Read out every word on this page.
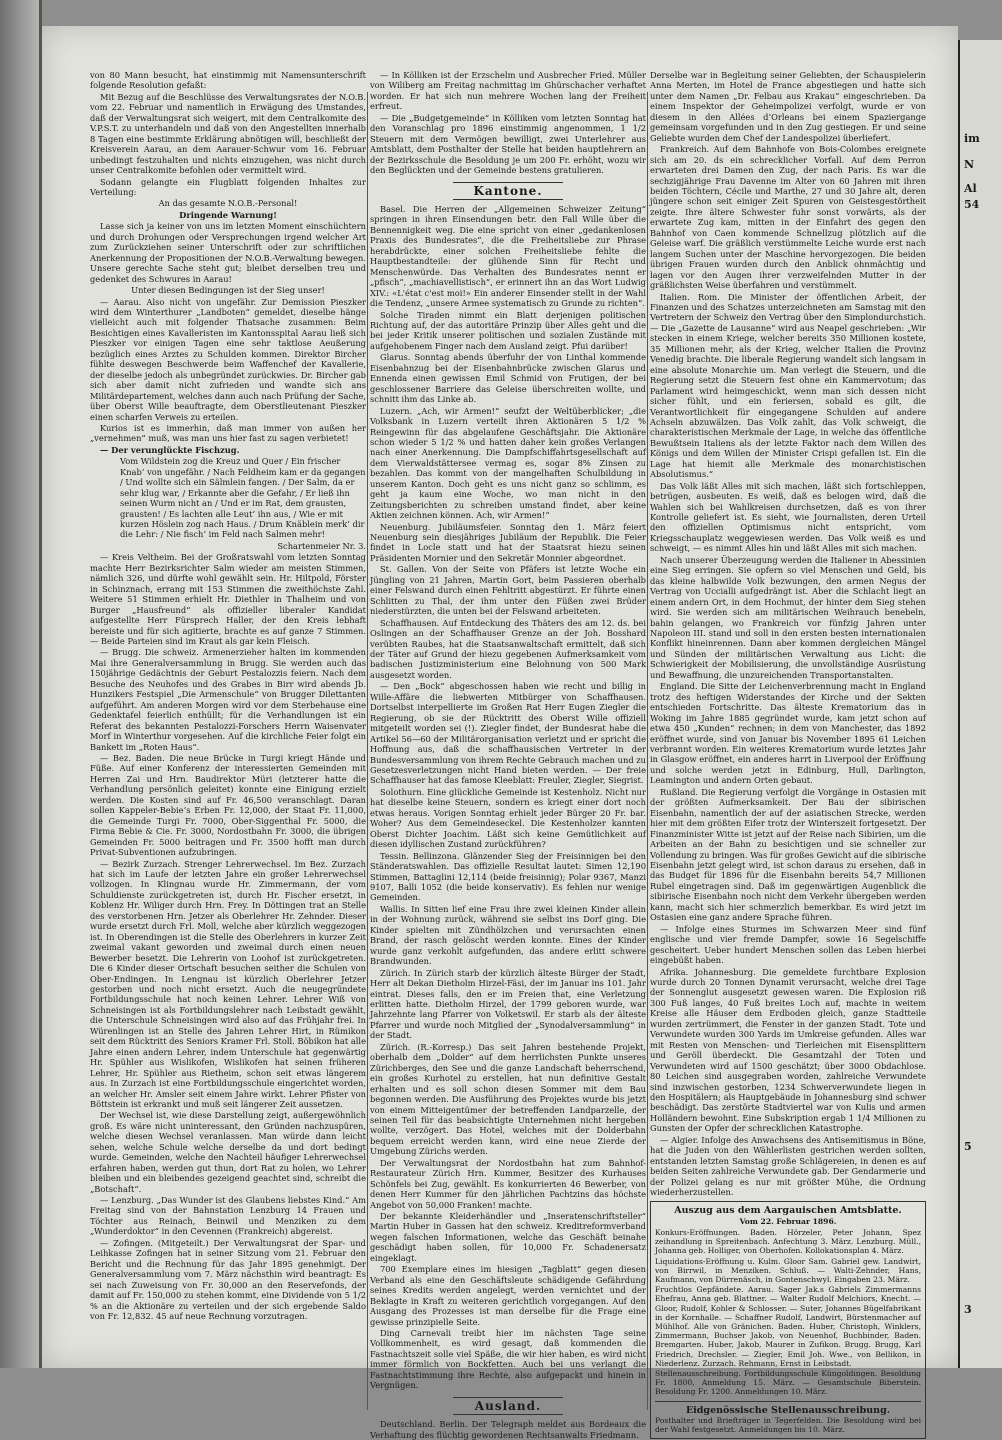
von 80 Mann besucht, hat einstimmig mit Namensunterschrift folgende Resolution gefaßt:

Mit Bezug auf die Beschlüsse des Verwaltungsrates der N.O.B. vom 22. Februar und namentlich in Erwägung des Umstandes, daß der Verwaltungsrat sich weigert, mit dem Centralkomite des V.P.S.T. zu unterhandeln und daß von den Angestellten innerhalb 8 Tagen eine bestimmte Erklärung abnötigen will, beschließt der Kreisverein Aarau, an dem Aarauer-Schwur vom 16. Februar unbedingt festzuhalten und nichts einzugehen, was nicht durch unser Centralkomite befohlen oder vermittelt wird.

Sodann gelangte ein Flugblatt folgenden Inhaltes zur Verteilung:

An das gesamte N.O.B.-Personal!

Dringende Warnung!

Lasse sich ja keiner von uns im letzten Moment einschüchtern und durch Drohungen oder Versprechungen irgend welcher Art zum Zurückziehen seiner Unterschrift oder zur schriftlichen Anerkennung der Propositionen der N.O.B.-Verwaltung bewegen. Unsere gerechte Sache steht gut; bleibet derselben treu und gedenket des Schwures in Aarau!

Unter diesen Bedingungen ist der Sieg unser!

— Aarau. Also nicht von ungefähr. Zur Demission Pieszker wird dem Winterthurer „Landboten“ gemeldet, dieselbe hänge vielleicht auch mit folgender Thatsache zusammen: Beim Besichtigen eines Kavalleristen im Kantonsspital Aarau ließ sich Pieszker vor einigen Tagen eine sehr taktlose Aeußerung bezüglich eines Arztes zu Schulden kommen. Direktor Bircher fühlte deswegen Beschwerde beim Waffenchef der Kavallerie, der dieselbe jedoch als unbegründet zurückwies. Dr. Bircher gab sich aber damit nicht zufrieden und wandte sich ans Militärdepartement, welches dann auch nach Prüfung der Sache, über Oberst Wille beauftragte, dem Oberstlieutenant Pieszker einen scharfen Verweis zu erteilen.

Kurios ist es immerhin, daß man immer von außen her „vernehmen“ muß, was man uns hier fast zu sagen verbietet!

— Der verunglückte Fischzug.

Vom Wildstein zog die Kreuz und Quer / Ein frischer Knab’ von ungefähr. / Nach Feldheim kam er da gegangen / Und wollte sich ein Sälmlein fangen. / Der Salm, da er sehr klug war, / Erkannte aber die Gefahr, / Er ließ ihn seinen Wurm nicht an / Und er im Rat, dem grausten, grausten! / Es lachten alle Leut’ ihn aus, / Wie er mit kurzen Höslein zog nach Haus. / Drum Knäblein merk’ dir die Lehr: / Nie fisch’ im Feld nach Salmen mehr!

Schartenmeier Nr. 3.

— Kreis Veltheim. Bei der Großratswahl vom letzten Sonntag machte Herr Bezirksrichter Salm wieder am meisten Stimmen, nämlich 326, und dürfte wohl gewählt sein. Hr. Hiltpold, Förster in Schinznach, errang mit 153 Stimmen die zweithöchste Zahl. Weitere 51 Stimmen erhielt Hr. Diethler in Thalheim und von Burger „Hausfreund“ als offizieller liberaler Kandidat aufgestellte Herr Fürsprech Haller, der den Kreis lebhaft bereiste und für sich agitierte, brachte es auf ganze 7 Stimmen. — Beide Parteien sind im Kraut als gar kein Fleisch.

— Brugg. Die schweiz. Armenerzieher halten im kommenden Mai ihre Generalversammlung in Brugg. Sie werden auch das 150jährige Gedächtnis der Geburt Pestalozzis feiern. Nach dem Besuche des Neuhofes und des Grabes in Birr wird abends Jb. Hunzikers Festspiel „Die Armenschule“ von Brugger Dilettanten aufgeführt. Am anderen Morgen wird vor dem Sterbehause eine Gedenktafel feierlich enthüllt; für die Verhandlungen ist ein Referat des bekannten Pestalozzi-Forschers Herrn Waisenvater Morf in Winterthur vorgesehen. Auf die kirchliche Feier folgt ein Bankett im „Roten Haus“.

— Bez. Baden. Die neue Brücke in Turgi kriegt Hände und Füße. Auf einer Konferenz der interessierten Gemeinden mit Herren Zai und Hrn. Baudirektor Müri (letzterer hatte die Verhandlung persönlich geleitet) konnte eine Einigung erzielt werden. Die Kosten sind auf Fr. 46,500 veranschlagt. Daran sollen Kappeler-Bebie’s Erben Fr. 12,000, der Staat Fr. 11,000, die Gemeinde Turgi Fr. 7000, Ober-Siggenthal Fr. 5000, die Firma Bebie & Cie. Fr. 3000, Nordostbahn Fr. 3000, die übrigen Gemeinden Fr. 5000 beitragen und Fr. 3500 hofft man durch Privat-Subventionen aufzubringen.

— Bezirk Zurzach. Strenger Lehrerwechsel. Im Bez. Zurzach hat sich im Laufe der letzten Jahre ein großer Lehrerwechsel vollzogen. In Klingnau wurde Hr. Zimmermann, der vom Schuldienste zurückgetreten ist, durch Hr. Fischer ersetzt, in Koblenz Hr. Wiliger durch Hrn. Frey. In Döttingen trat an Stelle des verstorbenen Hrn. Jetzer als Oberlehrer Hr. Zehnder. Dieser wurde ersetzt durch Frl. Moll, welche aber kürzlich weggezogen ist. In Oberendingen ist die Stelle des Oberlehrers in kurzer Zeit zweimal vakant geworden und zweimal durch einen neuen Bewerber besetzt. Die Lehrerin von Loohof ist zurückgetreten. Die 6 Kinder dieser Ortschaft besuchen seither die Schulen von Ober-Endingen. In Lengnau ist kürzlich Oberlehrer Jetzer gestorben und noch nicht ersetzt. Auch die neugegründete Fortbildungsschule hat noch keinen Lehrer. Lehrer Wiß von Schneisingen ist als Fortbildungslehrer nach Leibstadt gewählt, die Unterschule Schneisingen wird also auf das Frühjahr frei. In Würenlingen ist an Stelle des Jahren Lehrer Hirt, in Rümikon seit dem Rücktritt des Seniors Kramer Frl. Stoll. Böbikon hat alle Jahre einen andern Lehrer, indem Unterschule hat gegenwärtig Hr. Spühler aus Wislikofen, Wislikofen hat seinen früheren Lehrer, Hr. Spühler aus Rietheim, schon seit etwas längerem aus. In Zurzach ist eine Fortbildungsschule eingerichtet worden, an welcher Hr. Amsler seit einem Jahre wirkt. Lehrer Pfister von Böttstein ist erkrankt und muß seit längerer Zeit aussetzen.

Der Wechsel ist, wie diese Darstellung zeigt, außergewöhnlich groß. Es wäre nicht uninteressant, den Gründen nachzuspüren, welche diesen Wechsel veranlassen. Man würde dann leicht sehen, welche Schule welche derselbe da und dort bedingt wurde. Gemeinden, welche den Nachteil häufiger Lehrerwechsel erfahren haben, werden gut thun, dort Rat zu holen, wo Lehrer bleiben und ein bleibendes gezeigend geachtet sind, schreibt die „Botschaft“.

— Lenzburg. „Das Wunder ist des Glaubens liebstes Kind.“ Am Freitag sind von der Bahnstation Lenzburg 14 Frauen und Töchter aus Reinach, Beinwil und Menziken zu dem „Wunderdoktor“ in den Cevennen (Frankreich) abgereist.

— Zofingen. (Mitgeteilt.) Der Verwaltungsrat der Spar- und Leihkasse Zofingen hat in seiner Sitzung vom 21. Februar den Bericht und die Rechnung für das Jahr 1895 genehmigt. Der Generalversammlung vom 7. März nächsthin wird beantragt: Es sei nach Zuweisung von Fr. 30,000 an den Reservefonds, der damit auf Fr. 150,000 zu stehen kommt, eine Dividende von 5 1/2 % an die Aktionäre zu verteilen und der sich ergebende Saldo von Fr. 12,832. 45 auf neue Rechnung vorzutragen.

— In Kölliken ist der Erzschelm und Ausbrecher Fried. Müller von Wiliberg am Freitag nachmittag im Ghürschacher verhaftet worden. Er hat sich nun mehrere Wochen lang der Freiheit erfreut.

— Die „Budgetgemeinde“ in Kölliken vom letzten Sonntag hat den Voranschlag pro 1896 einstimmig angenommen, 1 1/2 Steuern mit dem Vermögen bewilligt, zwei Unterlehrer aus Amtsblatt, dem Posthalter der Stelle hat beiden hauptlehrern an der Bezirksschule die Besoldung je um 200 Fr. erhöht, wozu wir den Beglückten und der Gemeinde bestens gratulieren.

Kantone.

Basel. Die Herren der „Allgemeinen Schweizer Zeitung“ springen in ihren Einsendungen betr. den Fall Wille über die Bennennigkeit weg. Die eine spricht von einer „gedankenlosen Praxis des Bundesrates“, die die Freiheitsliebe zur Phrase herabdrückte, einer solchen Freiheitsliebe fehlte die Hauptbestandteile: der glühende Sinn für Recht und Menschenwürde. Das Verhalten des Bundesrates nennt er „pfisch“, „machiavellistisch“, er erinnert ihn an das Wort Ludwig XIV.: «L'état c'est moi!» Ein anderer Einsender stellt in der Wahl die Tendenz, „unsere Armee systematisch zu Grunde zu richten“.

Solche Tiraden nimmt ein Blatt derjenigen politischen Richtung auf, der das autoritäre Prinzip über Alles geht und die bei jeder Kritik unserer politischen und sozialen Zustände mit aufgehobenem Finger nach dem Ausland zeigt. Pfui darüber!

Glarus. Sonntag abends überfuhr der von Linthal kommende Eisenbahnzug bei der Eisenbahnbrücke zwischen Glarus und Ennenda einen gewissen Emil Schmid von Frutigen, der bei geschlossener Barriere das Geleise überschreiten wollte, und schnitt ihm das Linke ab.

Luzern. „Ach, wir Armen!“ seufzt der Weltüberblicker; „die Volksbank in Luzern verteilt ihren Aktionären 5 1/2 % Reingewinn für das abgelaufene Geschäftsjahr. Die Aktionäre schon wieder 5 1/2 % und hatten daher kein großes Verlangen nach einer Anerkennung. Die Dampfschiffahrtsgesellschaft auf dem Vierwaldstättersee vermag es, sogar 8% Zinsen zu bezahlen. Das kommt von der mangelhaften Schulbildung in unserem Kanton. Doch geht es uns nicht ganz so schlimm, es geht ja kaum eine Woche, wo man nicht in den Zeitungsberichten zu schreiben umstand findet, aber keine Aktien zeichnen können. Ach, wir Armen!“

Neuenburg. Jubiläumsfeier. Sonntag den 1. März feiert Neuenburg sein diesjähriges Jubiläum der Republik. Die Feier findet in Locle statt und hat der Staatsrat hiezu seinen Präsidenten Mornier und den Sekretär Monnier abgeordnet.

St. Gallen. Von der Seite von Pfäfers ist letzte Woche ein Jüngling von 21 Jahren, Martin Gort, beim Passieren oberhalb einer Felswand durch einen Fehltritt abgestürzt. Er führte einen Schlitten zu Thal, der ihm unter den Füßen zwei Brüder niederstürzten, die unten bei der Felswand arbeiteten.

Schaffhausen. Auf Entdeckung des Thäters des am 12. ds. bei Oslingen an der Schaffhauser Grenze an der Joh. Bosshard verübten Raubes, hat die Staatsanwaltschaft ermittelt, daß sich der Täter auf Grund der hiezu gegebenen Aufmerksamkeit vom badischen Justizministerium eine Belohnung von 500 Mark ausgesetzt worden.

— Den „Bock“ abgeschossen haben wie recht und billig in Wille-Affäre die liebwerten Mitbürger von Schaffhausen. Dortselbst interpellierte im Großen Rat Herr Eugen Ziegler die Regierung, ob sie der Rücktritt des Oberst Wille offiziell mitgeteilt worden sei (!). Ziegler findet, der Bundesrat habe die Artikel 56—60 der Militärorganisation verletzt und er spricht die Hoffnung aus, daß die schaffhausischen Vertreter in der Bundesversammlung von ihrem Rechte Gebrauch machen und zu Gesetzesverletzungen nicht Hand bieten werden. — Der freie Schaffhauser hat das famose Kleeblatt: Freuler, Ziegler, Siegrist.

Solothurn. Eine glückliche Gemeinde ist Kestenholz. Nicht nur hat dieselbe keine Steuern, sondern es kriegt einer dort noch etwas heraus. Vorigen Sonntag erhielt jeder Bürger 20 Fr. bar. Woher? Aus dem Gemeindeseckel. Die Kestenholzer kannten Oberst Dichter Joachim. Läßt sich keine Gemütlichkeit auf diesen idyllischen Zustand zurückführen?

Tessin. Bellinzona. Glänzender Sieg der Freisinnigen bei den Ständeratswahlen. Das offizielle Resultat lautet: Simen 12,190 Stimmen, Battaglini 12,114 (beide freisinnig); Polar 9367, Manzi 9107, Balli 1052 (die beide konservativ). Es fehlen nur wenige Gemeinden.

Wallis. In Sitten lief eine Frau ihre zwei kleinen Kinder allein in der Wohnung zurück, während sie selbst ins Dorf ging. Die Kinder spielten mit Zündhölzchen und verursachten einen Brand, der rasch gelöscht werden konnte. Eines der Kinder wurde ganz verkohlt aufgefunden, das andere erlitt schwere Brandwunden.

Zürich. In Zürich starb der kürzlich älteste Bürger der Stadt, Herr alt Dekan Dietholm Hirzel-Fäsi, der im Januar ins 101. Jahr eintrat. Dieses falls, den er im Freien that, eine Verletzung erlitten hatte. Dietholm Hirzel, der 1799 geboren wurde, war Jahrzehnte lang Pfarrer von Volketswil. Er starb als der älteste Pfarrer und wurde noch Mitglied der „Synodalversammlung“ in der Stadt.

Zürich. (R.-Korresp.) Das seit Jahren bestehende Projekt, oberhalb dem „Dolder“ auf dem herrlichsten Punkte unseres Zürichberges, den See und die ganze Landschaft beherrschend, ein großes Kurhotel zu erstellen, hat nun definitive Gestalt erhalten und es soll schon diesen Sommer mit dem Bau begonnen werden. Die Ausführung des Projektes wurde bis jetzt von einem Mitteigentümer der betreffenden Landparzelle, der seinen Teil für das beabsichtigte Unternehmen nicht hergeben wollte, verzögert. Das Hotel, welches mit der Dolderbahn bequem erreicht werden kann, wird eine neue Zierde der Umgebung Zürichs werden.

Der Verwaltungsrat der Nordostbahn hat zum Bahnhof-Restaurateur Zürich Hrn. Kummer, Besitzer des Kurhauses Schönfels bei Zug, gewählt. Es konkurrierten 46 Bewerber, von denen Herr Kummer für den jährlichen Pachtzins das höchste Angebot von 50,000 Franken! machte.

Der bekannte Kleiderhändler und „Inseratenschriftsteller“ Martin Huber in Gassen hat den schweiz. Kreditreformverband wegen falschen Informationen, welche das Geschäft beinahe geschädigt haben sollen, für 10,000 Fr. Schadenersatz eingeklagt.

700 Exemplare eines im hiesigen „Tagblatt“ gegen diesen Verband als eine den Geschäftsleute schädigende Gefährdung seines Kredits werden angelegt, werden vernichtet und der Beklagte in Kraft zu weiteren gerichtlich vorgegangen. Auf den Ausgang des Prozesses ist man derselbe für die Frage eine gewisse prinzipielle Seite.

Ding Carnevali treibt hier im nächsten Tage seine Vollkommenheit, es wird gesagt, daß kommenden die Fastnachtszeit solle viel Späße, die wir hier haben, es wird nicht immer förmlich von Bockfetten. Auch bei uns verlangt die Fastnachtstimmung ihre Rechte, also aufgepackt und hinein in Vergnügen.

Ausland.

Deutschland. Berlin. Der Telegraph meldet aus Bordeaux die Verhaftung des flüchtig gewordenen Rechtsanwalts Friedmann.

Derselbe war in Begleitung seiner Geliebten, der Schauspielerin Anna Merten, im Hotel de France abgestiegen und hatte sich unter dem Namen „Dr. Felbau aus Krakau“ eingeschrieben. Da einem Inspektor der Geheimpolizei verfolgt, wurde er von diesem in den Allées d’Orleans bei einem Spaziergange gemeinsam vorgefunden und in den Zug gestiegen. Er und seine Geliebte wurden dem Chef der Landespolizei überliefert.

Frankreich. Auf dem Bahnhofe von Bois-Colombes ereignete sich am 20. ds ein schrecklicher Vorfall. Auf dem Perron erwarteten drei Damen den Zug, der nach Paris. Es war die sechzigjährige Frau Davenne im Alter von 60 Jahren mit ihren beiden Töchtern, Cécile und Marthe, 27 und 30 Jahre alt, deren jüngere schon seit einiger Zeit Spuren von Geistesgestörtheit zeigte. Ihre ältere Schwester fuhr sonst vorwärts, als der erwartete Zug kam, mitten in der Einfahrt des gegen den Bahnhof von Caen kommende Schnellzug plötzlich auf die Geleise warf. Die gräßlich verstümmelte Leiche wurde erst nach langem Suchen unter der Maschine hervorgezogen. Die beiden übrigen Frauen wurden durch den Anblick ohnmächtig und lagen vor den Augen ihrer verzweifelnden Mutter in der gräßlichsten Weise überfahren und verstümmelt.

Italien. Rom. Die Minister der öffentlichen Arbeit, der Finanzen und des Schatzes unterzeichneten am Samstag mit den Vertretern der Schweiz den Vertrag über den Simplondurchstich. — Die „Gazette de Lausanne“ wird aus Neapel geschrieben: „Wir stecken in einem Kriege, welcher bereits 350 Millionen kostete, 35 Millionen mehr, als der Krieg, welcher Italien die Provinz Venedig brachte. Die liberale Regierung wandelt sich langsam in eine absolute Monarchie um. Man verlegt die Steuern, und die Regierung setzt die Steuern fest ohne ein Kammervotum; das Parlament wird heimgeschickt, wenn man sich dessen nicht sicher fühlt, und ein feriersen, sobald es gilt, die Verantwortlichkeit für eingegangene Schulden auf andere Achseln abzuwälzen. Das Volk zahlt, das Volk schweigt, die charakteristischen Merkmale der Lage, in welche das öffentliche Bewußtsein Italiens als der letzte Faktor nach dem Willen des Königs und dem Willen der Minister Crispi gefallen ist. Ein die Lage hat hiemit alle Merkmale des monarchistischen Absolutismus.“

Das Volk läßt Alles mit sich machen, läßt sich fortschleppen, betrügen, ausbeuten. Es weiß, daß es belogen wird, daß die Wahlen sich bei Wahlkreisen durchsetzen, daß es von ihrer Kontrolle geliefert ist. Es sieht, wie Journalisten, deren Urteil den offiziellen Optimismus nicht entspricht, vom Kriegsschauplatz weggewiesen werden. Das Volk weiß es und schweigt, — es nimmt Alles hin und läßt Alles mit sich machen.

Nach unserer Überzeugung werden die Italiener in Abessinien eine Sieg erringen. Sie opfern so viel Menschen und Geld, bis das kleine halbwilde Volk bezwungen, den armen Negus der Vertrag von Uccialli aufgedrängt ist. Aber die Schlacht liegt an einem andern Ort, in dem Hochmut, der hinter dem Sieg stehen wird. Sie werden sich am militärischen Weihrauch benebeln, bahin gelangen, wo Frankreich vor fünfzig Jahren unter Napoleon III. stand und soll in den ersten besten internationalen Konflikt hineinrennen. Dann aber kommen dergleichen Mängel und Sünden der militärischen Verwaltung aus Licht: die Schwierigkeit der Mobilisierung, die unvollständige Ausrüstung und Bewaffnung, die unzureichenden Transportanstalten.

England. Die Sitte der Leichenverbrennung macht in England trotz des heftigen Widerstandes der Kirche und der Sekten entschieden Fortschritte. Das älteste Krematorium das in Woking im Jahre 1885 gegründet wurde, kam jetzt schon auf etwa 450 „Kunden“ rechnen; in dem von Manchester, das 1892 eröffnet wurde, sind von Januar bis November 1895 61 Leichen verbrannt worden. Ein weiteres Krematorium wurde letztes Jahr in Glasgow eröffnet, ein anderes harrt in Liverpool der Eröffnung und solche werden jetzt in Edinburg, Hull, Darlington, Leamington und andern Orten gebaut.

Rußland. Die Regierung verfolgt die Vorgänge in Ostasien mit der größten Aufmerksamkeit. Der Bau der sibirischen Eisenbahn, namentlich der auf der asiatischen Strecke, werden hier mit dem größten Eifer trotz der Winterszeit fortgesetzt. Der Finanzminister Witte ist jetzt auf der Reise nach Sibirien, um die Arbeiten an der Bahn zu besichtigen und sie schneller zur Vollendung zu bringen. Was für großes Gewicht auf die sibirische Eisenbahn jetzt gelegt wird, ist schon daraus zu ersehen, daß in das Budget für 1896 für die Eisenbahn bereits 54,7 Millionen Rubel eingetragen sind. Daß im gegenwärtigen Augenblick die sibirische Eisenbahn noch nicht dem Verkehr übergeben werden kann, macht sich hier schmerzlich bemerkbar. Es wird jetzt im Ostasien eine ganz andere Sprache führen.

— Infolge eines Sturmes im Schwarzen Meer sind fünf englische und vier fremde Dampfer, sowie 16 Segelschiffe gescheitert. Ueber hundert Menschen sollen das Leben hierbei eingebüßt haben.

Afrika. Johannesburg. Die gemeldete furchtbare Explosion wurde durch 20 Tonnen Dynamit verursacht, welche drei Tage der Sonnenglut ausgesetzt gewesen waren. Die Explosion riß 300 Fuß langes, 40 Fuß breites Loch auf, machte in weitem Kreise alle Häuser dem Erdboden gleich, ganze Stadtteile wurden zertrümmert, die Fenster in der ganzen Stadt. Tote und Verwundete wurden 300 Yards im Umkreise gefunden. Alles war mit Resten von Menschen- und Tierleichen mit Eisensplittern und Geröll überdeckt. Die Gesamtzahl der Toten und Verwundeten wird auf 1500 geschätzt; über 3000 Obdachlose. 80 Leichen sind ausgegraben worden, zahlreiche Verwundete sind inzwischen gestorben, 1234 Schwerverwundete liegen in den Hospitälern; als Hauptgebäude in Johannesburg sind schwer beschädigt. Das zerstörte Stadtviertel war von Kulis und armen Holländern bewohnt. Eine Subskription ergab 1 1/4 Millionen zu Gunsten der Opfer der schrecklichen Katastrophe.

— Algier. Infolge des Anwachsens des Antisemitismus in Böne, hat die Juden von den Wählerlisten gestrichen werden sollten, entstanden letzten Samstag große Schlägereien, in denen es auf beiden Seiten zahlreiche Verwundete gab. Der Gendarmerie und der Polizei gelang es nur mit größter Mühe, die Ordnung wiederherzustellen.

Auszug aus dem Aargauischen Amtsblatte.
Vom 22. Februar 1896.

Konkurs-Eröffnungen. Baden. Hörzeler, Peter Johann, Spez zeihandlung in Spreitenbach. Anfechtung 3. März. Lenzburg. Müll., Johanna geb. Holliger, von Oberhofen. Kollokationsplan 4. März.

Liquidations-Eröffnung u. Kulm. Gloor Sam. Gabriel gew. Landwirt, von Birrwil, in Menziken. Schluß. — Walti-Zehnder, Hans, Kaufmann, von Dürrenäsch, in Gontenschwyl. Eingaben 23. März.

Fruchtlos Gepfändete. Aarau. Sager Jak.s Gabriels Zimmermanns Ehefrau, Anna geb. Blattner. — Walter Rudolf Melchiors, Knecht. — Gloor, Rudolf, Kohler & Schlosser. — Suter, Johannes Bügelfabrikant in der Kornhalle. — Schaffner Rudolf, Landwirt, Bürstenmacher auf Mühlhof. Alle von Gränichen. Baden. Huber, Christoph, Winklers, Zimmermann, Buchser Jakob, von Neuenhof, Buchbinder, Baden. Bremgarten. Huber, Jakob, Maurer in Zufikon. Brugg. Brugg, Karl Friedrich, Drechsler. — Ziegler, Emil Joh. Wwe., von Bellikon, in Niederlenz. Zurzach. Rehmann, Ernst in Leibstadt.

Stellenausschreibung. Fortbildungsschule Küngoldingen. Besoldung Fr. 1800, Anmeldung 15. März. — Gesamtschule Biberstein. Besoldung Fr. 1200. Anmeldungen 10. März.

Eidgenössische Stellenausschreibung.

Posthalter und Briefträger in Tegerfelden. Die Besoldung wird bei der Wahl festgesetzt. Anmeldungen bis 10. März.

im
N
Al
54
3
5
